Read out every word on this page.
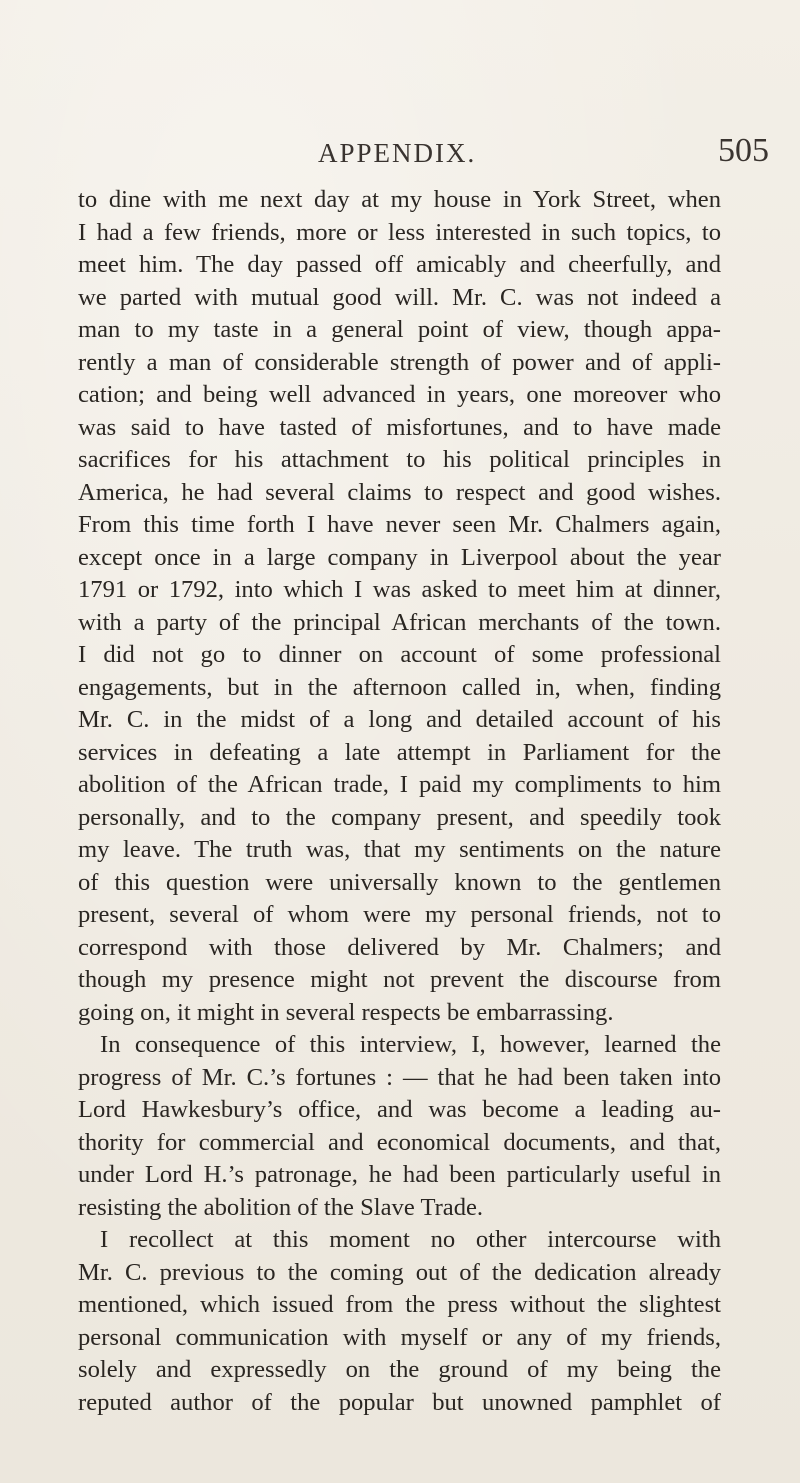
APPENDIX.	505
to dine with me next day at my house in York Street, when
I had a few friends, more or less interested in such topics, to
meet him. The day passed off amicably and cheerfully, and
we parted with mutual good will. Mr. C. was not indeed a
man to my taste in a general point of view, though appa-
rently a man of considerable strength of power and of appli-
cation; and being well advanced in years, one moreover who
was said to have tasted of misfortunes, and to have made
sacrifices for his attachment to his political principles in
America, he had several claims to respect and good wishes.
From this time forth I have never seen Mr. Chalmers again,
except once in a large company in Liverpool about the year
1791 or 1792, into which I was asked to meet him at dinner,
with a party of the principal African merchants of the town.
I did not go to dinner on account of some professional
engagements, but in the afternoon called in, when, finding
Mr. C. in the midst of a long and detailed account of his
services in defeating a late attempt in Parliament for the
abolition of the African trade, I paid my compliments to him
personally, and to the company present, and speedily took
my leave. The truth was, that my sentiments on the nature
of this question were universally known to the gentlemen
present, several of whom were my personal friends, not to
correspond with those delivered by Mr. Chalmers; and
though my presence might not prevent the discourse from
going on, it might in several respects be embarrassing.
In consequence of this interview, I, however, learned the
progress of Mr. C.’s fortunes : — that he had been taken into
Lord Hawkesbury’s office, and was become a leading au-
thority for commercial and economical documents, and that,
under Lord H.’s patronage, he had been particularly useful in
resisting the abolition of the Slave Trade.
I recollect at this moment no other intercourse with
Mr. C. previous to the coming out of the dedication already
mentioned, which issued from the press without the slightest
personal communication with myself or any of my friends,
solely and expressedly on the ground of my being the
reputed author of the popular but unowned pamphlet of
